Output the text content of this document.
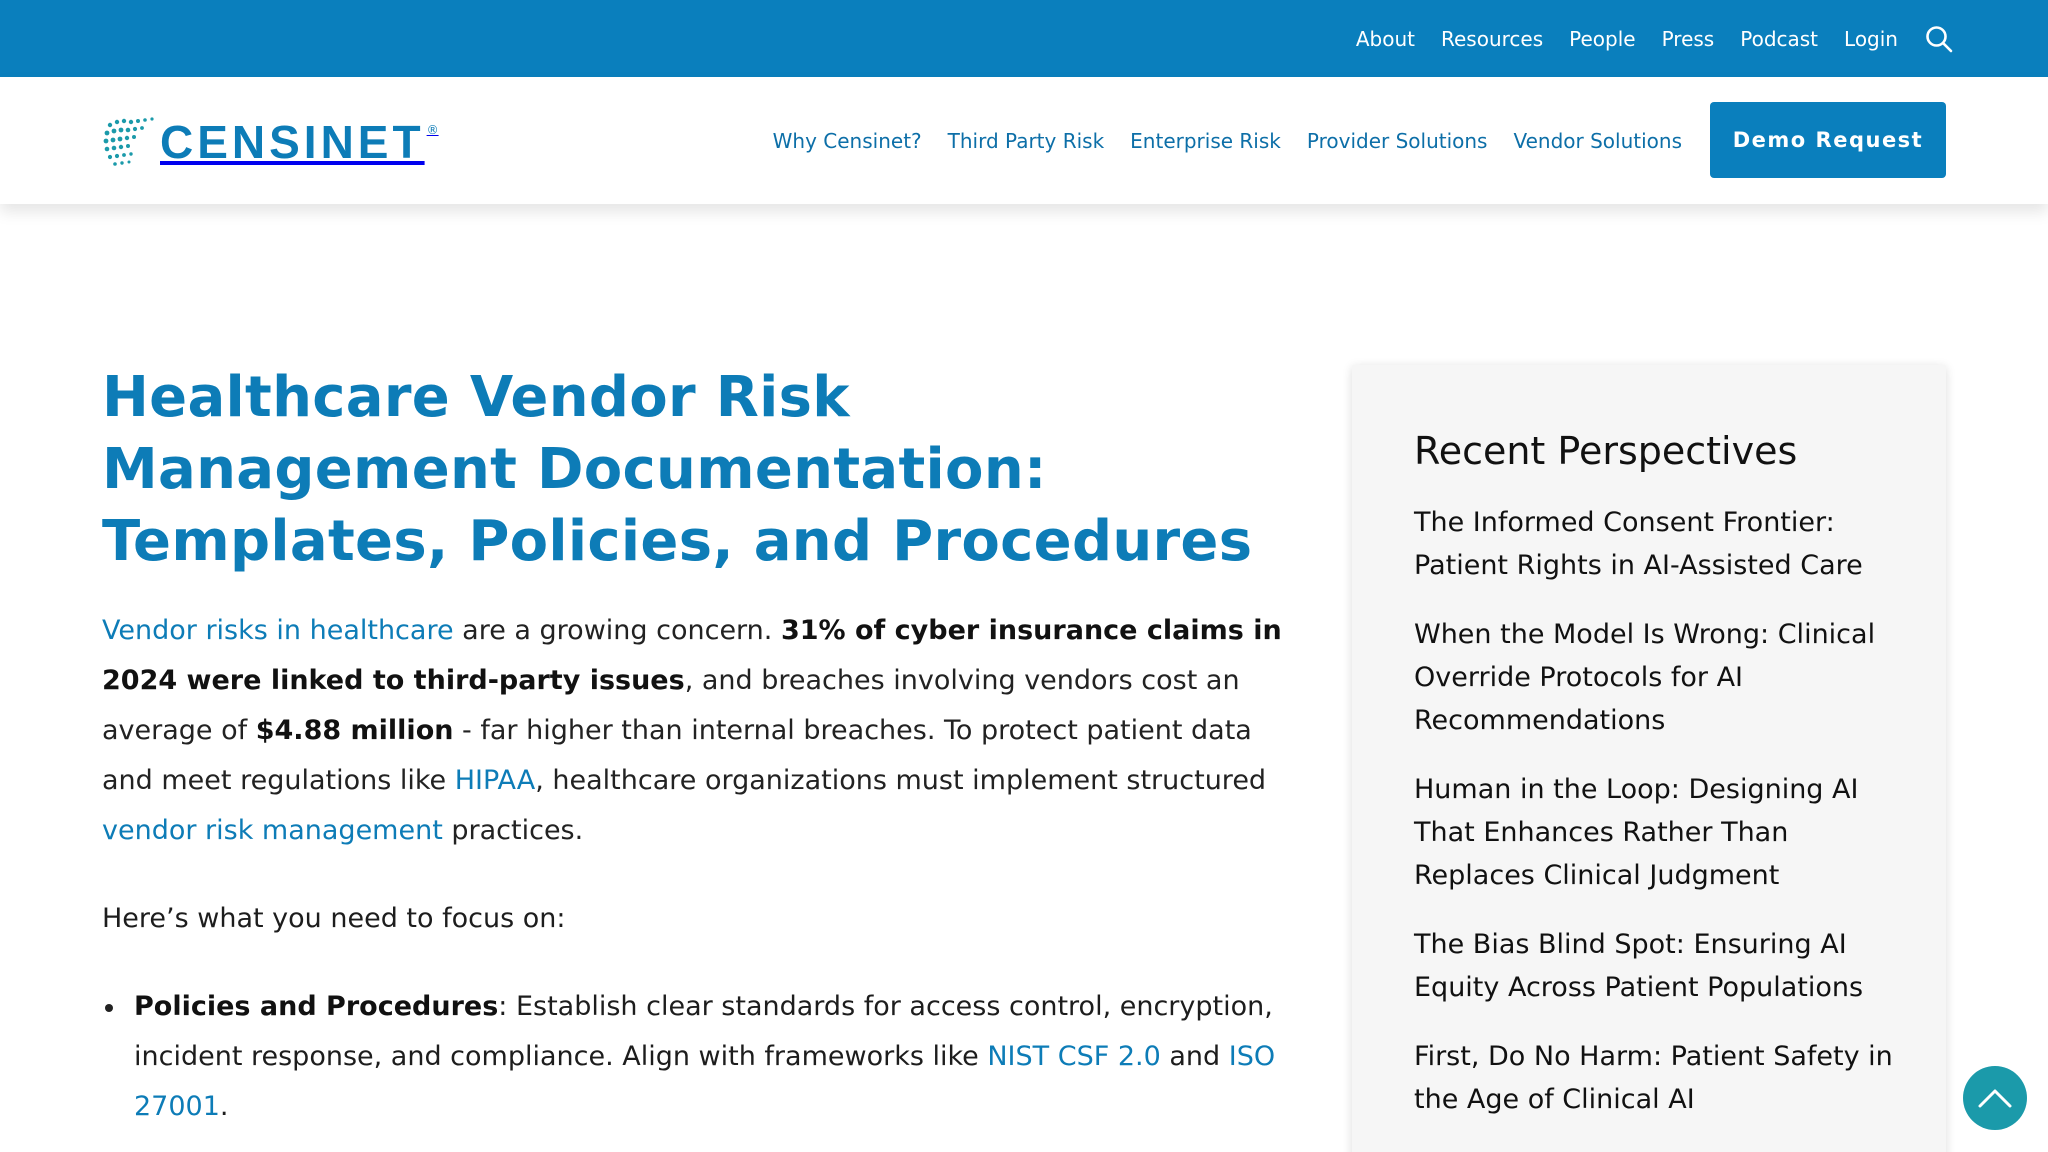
About Resources People Press Podcast Login
CENSINET ®	Why Censinet? Third Party Risk Enterprise Risk Provider Solutions Vendor Solutions	Demo Request
Healthcare Vendor Risk Management Documentation: Templates, Policies, and Procedures

Vendor risks in healthcare are a growing concern. 31% of cyber insurance claims in 2024 were linked to third-party issues, and breaches involving vendors cost an average of $4.88 million - far higher than internal breaches. To protect patient data and meet regulations like HIPAA, healthcare organizations must implement structured vendor risk management practices.

Here’s what you need to focus on:

Policies and Procedures: Establish clear standards for access control, encryption, incident response, and compliance. Align with frameworks like NIST CSF 2.0 and ISO 27001.
Recent Perspectives
The Informed Consent Frontier: Patient Rights in AI-Assisted Care
When the Model Is Wrong: Clinical Override Protocols for AI Recommendations
Human in the Loop: Designing AI That Enhances Rather Than Replaces Clinical Judgment
The Bias Blind Spot: Ensuring AI Equity Across Patient Populations
First, Do No Harm: Patient Safety in the Age of Clinical AI
